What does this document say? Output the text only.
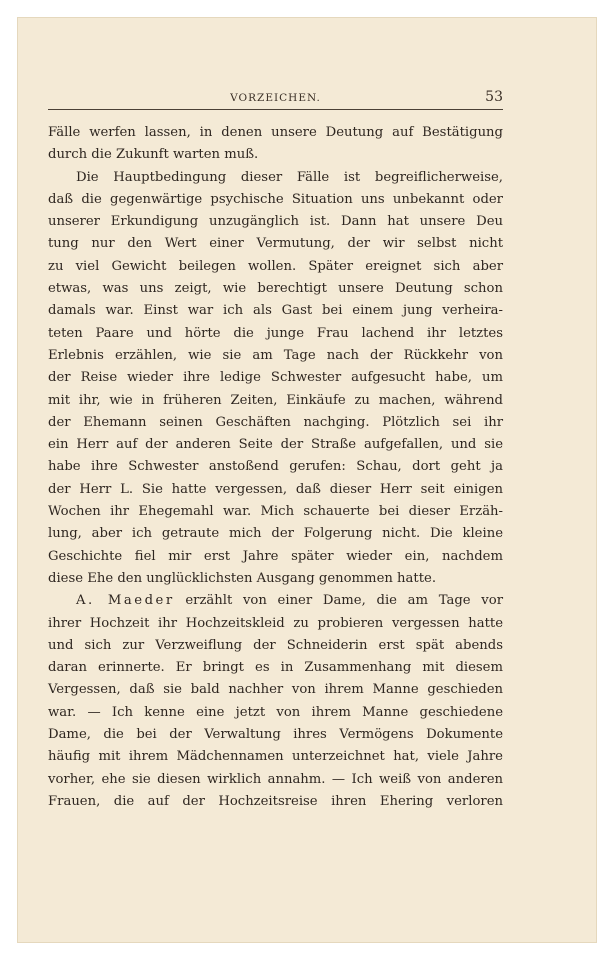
VORZEICHEN.	53
Fälle werfen lassen, in denen unsere Deutung auf Bestätigung
durch die Zukunft warten muß.
Die Hauptbedingung dieser Fälle ist begreiflicherweise,
daß die gegenwärtige psychische Situation uns unbekannt oder
unserer Erkundigung unzugänglich ist. Dann hat unsere Deu
tung nur den Wert einer Vermutung, der wir selbst nicht
zu viel Gewicht beilegen wollen. Später ereignet sich aber
etwas, was uns zeigt, wie berechtigt unsere Deutung schon
damals war. Einst war ich als Gast bei einem jung verheira-
teten Paare und hörte die junge Frau lachend ihr letztes
Erlebnis erzählen, wie sie am Tage nach der Rückkehr von
der Reise wieder ihre ledige Schwester aufgesucht habe, um
mit ihr, wie in früheren Zeiten, Einkäufe zu machen, während
der Ehemann seinen Geschäften nachging. Plötzlich sei ihr
ein Herr auf der anderen Seite der Straße aufgefallen, und sie
habe ihre Schwester anstoßend gerufen: Schau, dort geht ja
der Herr L. Sie hatte vergessen, daß dieser Herr seit einigen
Wochen ihr Ehegemahl war. Mich schauerte bei dieser Erzäh-
lung, aber ich getraute mich der Folgerung nicht. Die kleine
Geschichte fiel mir erst Jahre später wieder ein, nachdem
diese Ehe den unglücklichsten Ausgang genommen hatte.
A. Maeder erzählt von einer Dame, die am Tage vor
ihrer Hochzeit ihr Hochzeitskleid zu probieren vergessen hatte
und sich zur Verzweiflung der Schneiderin erst spät abends
daran erinnerte. Er bringt es in Zusammenhang mit diesem
Vergessen, daß sie bald nachher von ihrem Manne geschieden
war. — Ich kenne eine jetzt von ihrem Manne geschiedene
Dame, die bei der Verwaltung ihres Vermögens Dokumente
häufig mit ihrem Mädchennamen unterzeichnet hat, viele Jahre
vorher, ehe sie diesen wirklich annahm. — Ich weiß von anderen
Frauen, die auf der Hochzeitsreise ihren Ehering verloren
